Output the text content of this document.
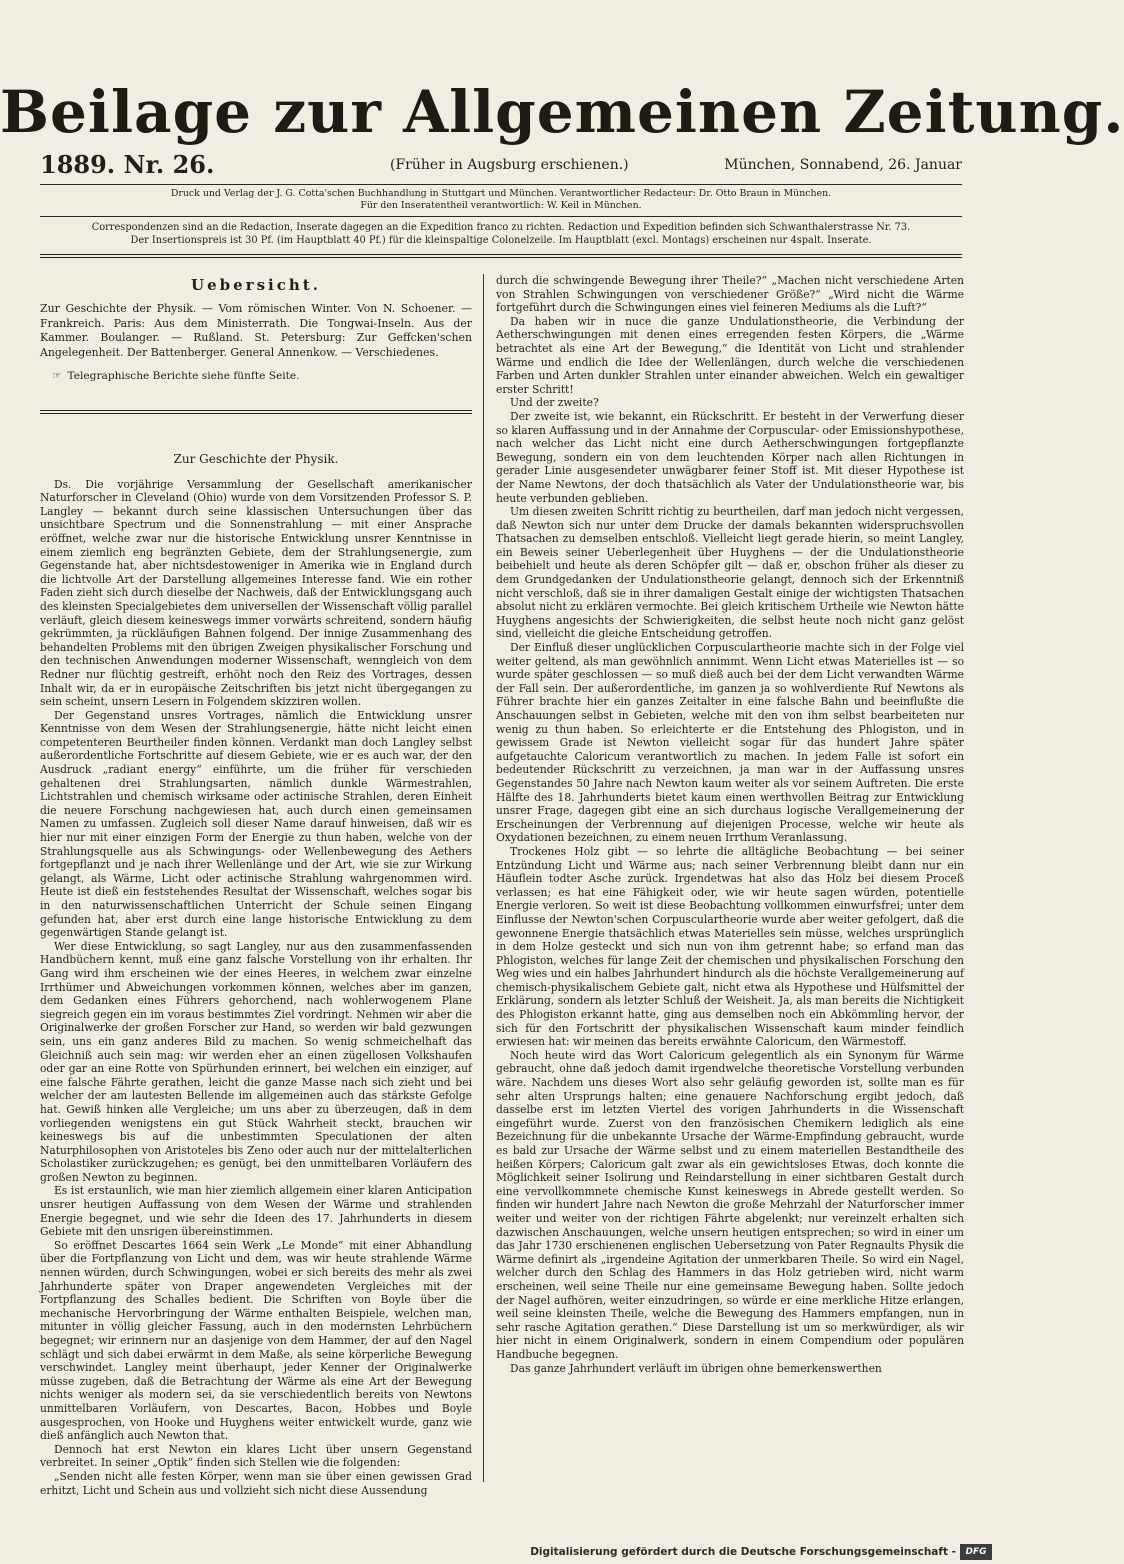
Beilage zur Allgemeinen Zeitung.
1889. Nr. 26.	(Früher in Augsburg erschienen.)	München, Sonnabend, 26. Januar
Druck und Verlag der J. G. Cotta'schen Buchhandlung in Stuttgart und München. Verantwortlicher Redacteur: Dr. Otto Braun in München.
Für den Inseratentheil verantwortlich: W. Keil in München.
Correspondenzen sind an die Redaction, Inserate dagegen an die Expedition franco zu richten. Redaction und Expedition befinden sich Schwanthalerstrasse Nr. 73.
Der Insertionspreis ist 30 Pf. (im Hauptblatt 40 Pf.) für die kleinspaltige Colonelzeile. Im Hauptblatt (excl. Montags) erscheinen nur 4spalt. Inserate.
Uebersicht.

Zur Geschichte der Physik. — Vom römischen Winter. Von N. Schoener. — Frankreich. Paris: Aus dem Ministerrath. Die Tongwai-Inseln. Aus der Kammer. Boulanger. — Rußland. St. Petersburg: Zur Geffcken'schen Angelegenheit. Der Battenberger. General Annenkow. — Verschiedenes.

☞ Telegraphische Berichte siehe fünfte Seite.

Zur Geschichte der Physik.

Ds. Die vorjährige Versammlung der Gesellschaft amerikanischer Naturforscher in Cleveland (Ohio) wurde von dem Vorsitzenden Professor S. P. Langley — bekannt durch seine klassischen Untersuchungen über das unsichtbare Spectrum und die Sonnenstrahlung — mit einer Ansprache eröffnet, welche zwar nur die historische Entwicklung unsrer Kenntnisse in einem ziemlich eng begränzten Gebiete, dem der Strahlungsenergie, zum Gegenstande hat, aber nichtsdestoweniger in Amerika wie in England durch die lichtvolle Art der Darstellung allgemeines Interesse fand. Wie ein rother Faden zieht sich durch dieselbe der Nachweis, daß der Entwicklungsgang auch des kleinsten Specialgebietes dem universellen der Wissenschaft völlig parallel verläuft, gleich diesem keineswegs immer vorwärts schreitend, sondern häufig gekrümmten, ja rückläufigen Bahnen folgend. Der innige Zusammenhang des behandelten Problems mit den übrigen Zweigen physikalischer Forschung und den technischen Anwendungen moderner Wissenschaft, wenngleich von dem Redner nur flüchtig gestreift, erhöht noch den Reiz des Vortrages, dessen Inhalt wir, da er in europäische Zeitschriften bis jetzt nicht übergegangen zu sein scheint, unsern Lesern in Folgendem skizziren wollen.

Der Gegenstand unsres Vortrages, nämlich die Entwicklung unsrer Kenntnisse von dem Wesen der Strahlungsenergie, hätte nicht leicht einen competenteren Beurtheiler finden können. Verdankt man doch Langley selbst außerordentliche Fortschritte auf diesem Gebiete, wie er es auch war, der den Ausdruck „radiant energy“ einführte, um die früher für verschieden gehaltenen drei Strahlungsarten, nämlich dunkle Wärmestrahlen, Lichtstrahlen und chemisch wirksame oder actinische Strahlen, deren Einheit die neuere Forschung nachgewiesen hat, auch durch einen gemeinsamen Namen zu umfassen. Zugleich soll dieser Name darauf hinweisen, daß wir es hier nur mit einer einzigen Form der Energie zu thun haben, welche von der Strahlungsquelle aus als Schwingungs- oder Wellenbewegung des Aethers fortgepflanzt und je nach ihrer Wellenlänge und der Art, wie sie zur Wirkung gelangt, als Wärme, Licht oder actinische Strahlung wahrgenommen wird. Heute ist dieß ein feststehendes Resultat der Wissenschaft, welches sogar bis in den naturwissenschaftlichen Unterricht der Schule seinen Eingang gefunden hat, aber erst durch eine lange historische Entwicklung zu dem gegenwärtigen Stande gelangt ist.

Wer diese Entwicklung, so sagt Langley, nur aus den zusammenfassenden Handbüchern kennt, muß eine ganz falsche Vorstellung von ihr erhalten. Ihr Gang wird ihm erscheinen wie der eines Heeres, in welchem zwar einzelne Irrthümer und Abweichungen vorkommen können, welches aber im ganzen, dem Gedanken eines Führers gehorchend, nach wohlerwogenem Plane siegreich gegen ein im voraus bestimmtes Ziel vordringt. Nehmen wir aber die Originalwerke der großen Forscher zur Hand, so werden wir bald gezwungen sein, uns ein ganz anderes Bild zu machen. So wenig schmeichelhaft das Gleichniß auch sein mag: wir werden eher an einen zügellosen Volkshaufen oder gar an eine Rotte von Spürhunden erinnert, bei welchen ein einziger, auf eine falsche Fährte gerathen, leicht die ganze Masse nach sich zieht und bei welcher der am lautesten Bellende im allgemeinen auch das stärkste Gefolge hat. Gewiß hinken alle Vergleiche; um uns aber zu überzeugen, daß in dem vorliegenden wenigstens ein gut Stück Wahrheit steckt, brauchen wir keineswegs bis auf die unbestimmten Speculationen der alten Naturphilosophen von Aristoteles bis Zeno oder auch nur der mittelalterlichen Scholastiker zurückzugehen; es genügt, bei den unmittelbaren Vorläufern des großen Newton zu beginnen.

Es ist erstaunlich, wie man hier ziemlich allgemein einer klaren Anticipation unsrer heutigen Auffassung von dem Wesen der Wärme und strahlenden Energie begegnet, und wie sehr die Ideen des 17. Jahrhunderts in diesem Gebiete mit den unsrigen übereinstimmen.

So eröffnet Descartes 1664 sein Werk „Le Monde“ mit einer Abhandlung über die Fortpflanzung von Licht und dem, was wir heute strahlende Wärme nennen würden, durch Schwingungen, wobei er sich bereits des mehr als zwei Jahrhunderte später von Draper angewendeten Vergleiches mit der Fortpflanzung des Schalles bedient. Die Schriften von Boyle über die mechanische Hervorbringung der Wärme enthalten Beispiele, welchen man, mitunter in völlig gleicher Fassung, auch in den modernsten Lehrbüchern begegnet; wir erinnern nur an dasjenige von dem Hammer, der auf den Nagel schlägt und sich dabei erwärmt in dem Maße, als seine körperliche Bewegung verschwindet. Langley meint überhaupt, jeder Kenner der Originalwerke müsse zugeben, daß die Betrachtung der Wärme als eine Art der Bewegung nichts weniger als modern sei, da sie verschiedentlich bereits von Newtons unmittelbaren Vorläufern, von Descartes, Bacon, Hobbes und Boyle ausgesprochen, von Hooke und Huyghens weiter entwickelt wurde, ganz wie dieß anfänglich auch Newton that.

Dennoch hat erst Newton ein klares Licht über unsern Gegenstand verbreitet. In seiner „Optik“ finden sich Stellen wie die folgenden:

„Senden nicht alle festen Körper, wenn man sie über einen gewissen Grad erhitzt, Licht und Schein aus und vollzieht sich nicht diese Aussendung

durch die schwingende Bewegung ihrer Theile?“ „Machen nicht verschiedene Arten von Strahlen Schwingungen von verschiedener Größe?“ „Wird nicht die Wärme fortgeführt durch die Schwingungen eines viel feineren Mediums als die Luft?“

Da haben wir in nuce die ganze Undulationstheorie, die Verbindung der Aetherschwingungen mit denen eines erregenden festen Körpers, die „Wärme betrachtet als eine Art der Bewegung,“ die Identität von Licht und strahlender Wärme und endlich die Idee der Wellenlängen, durch welche die verschiedenen Farben und Arten dunkler Strahlen unter einander abweichen. Welch ein gewaltiger erster Schritt!

Und der zweite?

Der zweite ist, wie bekannt, ein Rückschritt. Er besteht in der Verwerfung dieser so klaren Auffassung und in der Annahme der Corpuscular- oder Emissionshypothese, nach welcher das Licht nicht eine durch Aetherschwingungen fortgepflanzte Bewegung, sondern ein von dem leuchtenden Körper nach allen Richtungen in gerader Linie ausgesendeter unwägbarer feiner Stoff ist. Mit dieser Hypothese ist der Name Newtons, der doch thatsächlich als Vater der Undulationstheorie war, bis heute verbunden geblieben.

Um diesen zweiten Schritt richtig zu beurtheilen, darf man jedoch nicht vergessen, daß Newton sich nur unter dem Drucke der damals bekannten widerspruchsvollen Thatsachen zu demselben entschloß. Vielleicht liegt gerade hierin, so meint Langley, ein Beweis seiner Ueberlegenheit über Huyghens — der die Undulationstheorie beibehielt und heute als deren Schöpfer gilt — daß er, obschon früher als dieser zu dem Grundgedanken der Undulationstheorie gelangt, dennoch sich der Erkenntniß nicht verschloß, daß sie in ihrer damaligen Gestalt einige der wichtigsten Thatsachen absolut nicht zu erklären vermochte. Bei gleich kritischem Urtheile wie Newton hätte Huyghens angesichts der Schwierigkeiten, die selbst heute noch nicht ganz gelöst sind, vielleicht die gleiche Entscheidung getroffen.

Der Einfluß dieser unglücklichen Corpusculartheorie machte sich in der Folge viel weiter geltend, als man gewöhnlich annimmt. Wenn Licht etwas Materielles ist — so wurde später geschlossen — so muß dieß auch bei der dem Licht verwandten Wärme der Fall sein. Der außerordentliche, im ganzen ja so wohlverdiente Ruf Newtons als Führer brachte hier ein ganzes Zeitalter in eine falsche Bahn und beeinflußte die Anschauungen selbst in Gebieten, welche mit den von ihm selbst bearbeiteten nur wenig zu thun haben. So erleichterte er die Entstehung des Phlogiston, und in gewissem Grade ist Newton vielleicht sogar für das hundert Jahre später aufgetauchte Caloricum verantwortlich zu machen. In jedem Falle ist sofort ein bedeutender Rückschritt zu verzeichnen, ja man war in der Auffassung unsres Gegenstandes 50 Jahre nach Newton kaum weiter als vor seinem Auftreten. Die erste Hälfte des 18. Jahrhunderts bietet kaum einen werthvollen Beitrag zur Entwicklung unsrer Frage, dagegen gibt eine an sich durchaus logische Verallgemeinerung der Erscheinungen der Verbrennung auf diejenigen Processe, welche wir heute als Oxydationen bezeichnen, zu einem neuen Irrthum Veranlassung.

Trockenes Holz gibt — so lehrte die alltägliche Beobachtung — bei seiner Entzündung Licht und Wärme aus; nach seiner Verbrennung bleibt dann nur ein Häuflein todter Asche zurück. Irgendetwas hat also das Holz bei diesem Proceß verlassen; es hat eine Fähigkeit oder, wie wir heute sagen würden, potentielle Energie verloren. So weit ist diese Beobachtung vollkommen einwurfsfrei; unter dem Einflusse der Newton'schen Corpusculartheorie wurde aber weiter gefolgert, daß die gewonnene Energie thatsächlich etwas Materielles sein müsse, welches ursprünglich in dem Holze gesteckt und sich nun von ihm getrennt habe; so erfand man das Phlogiston, welches für lange Zeit der chemischen und physikalischen Forschung den Weg wies und ein halbes Jahrhundert hindurch als die höchste Verallgemeinerung auf chemisch-physikalischem Gebiete galt, nicht etwa als Hypothese und Hülfsmittel der Erklärung, sondern als letzter Schluß der Weisheit. Ja, als man bereits die Nichtigkeit des Phlogiston erkannt hatte, ging aus demselben noch ein Abkömmling hervor, der sich für den Fortschritt der physikalischen Wissenschaft kaum minder feindlich erwiesen hat: wir meinen das bereits erwähnte Caloricum, den Wärmestoff.

Noch heute wird das Wort Caloricum gelegentlich als ein Synonym für Wärme gebraucht, ohne daß jedoch damit irgendwelche theoretische Vorstellung verbunden wäre. Nachdem uns dieses Wort also sehr geläufig geworden ist, sollte man es für sehr alten Ursprungs halten; eine genauere Nachforschung ergibt jedoch, daß dasselbe erst im letzten Viertel des vorigen Jahrhunderts in die Wissenschaft eingeführt wurde. Zuerst von den französischen Chemikern lediglich als eine Bezeichnung für die unbekannte Ursache der Wärme-Empfindung gebraucht, wurde es bald zur Ursache der Wärme selbst und zu einem materiellen Bestandtheile des heißen Körpers; Caloricum galt zwar als ein gewichtsloses Etwas, doch konnte die Möglichkeit seiner Isolirung und Reindarstellung in einer sichtbaren Gestalt durch eine vervollkommnete chemische Kunst keineswegs in Abrede gestellt werden. So finden wir hundert Jahre nach Newton die große Mehrzahl der Naturforscher immer weiter und weiter von der richtigen Fährte abgelenkt; nur vereinzelt erhalten sich dazwischen Anschauungen, welche unsern heutigen entsprechen; so wird in einer um das Jahr 1730 erschienenen englischen Uebersetzung von Pater Regnaults Physik die Wärme definirt als „irgendeine Agitation der unmerkbaren Theile. So wird ein Nagel, welcher durch den Schlag des Hammers in das Holz getrieben wird, nicht warm erscheinen, weil seine Theile nur eine gemeinsame Bewegung haben. Sollte jedoch der Nagel aufhören, weiter einzudringen, so würde er eine merkliche Hitze erlangen, weil seine kleinsten Theile, welche die Bewegung des Hammers empfangen, nun in sehr rasche Agitation gerathen.“ Diese Darstellung ist um so merkwürdiger, als wir hier nicht in einem Originalwerk, sondern in einem Compendium oder populären Handbuche begegnen.

Das ganze Jahrhundert verläuft im übrigen ohne bemerkenswerthen

Digitalisierung gefördert durch die Deutsche Forschungsgemeinschaft -	DFG
